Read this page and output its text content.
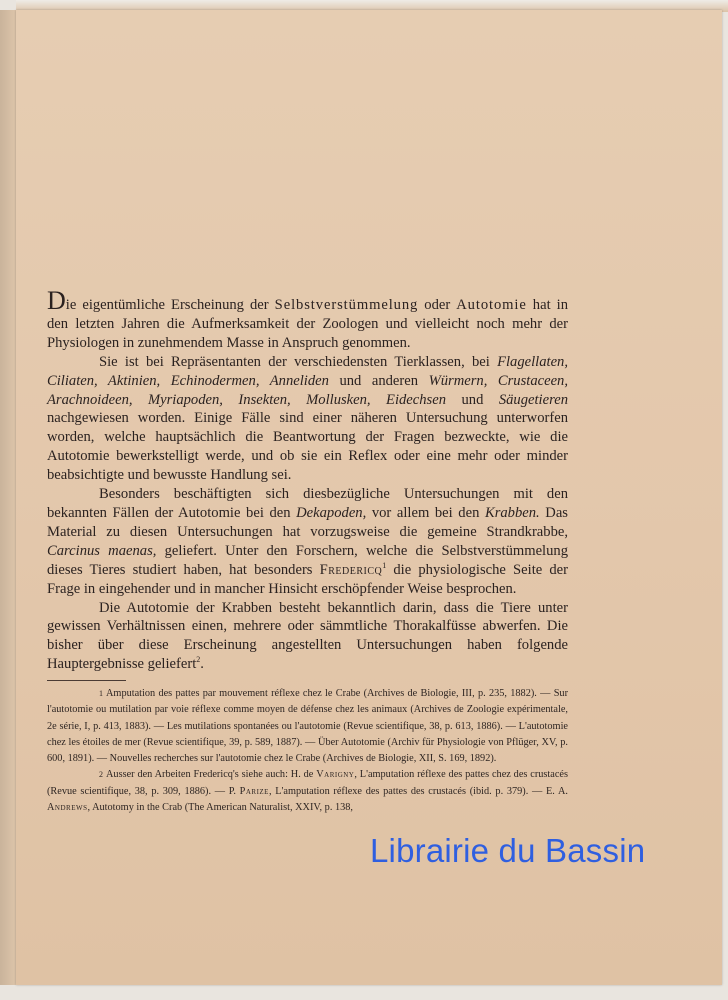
Die eigentümliche Erscheinung der Selbstverstümmelung oder Autotomie hat in den letzten Jahren die Aufmerksamkeit der Zoologen und vielleicht noch mehr der Physiologen in zunehmendem Masse in Anspruch genommen.

Sie ist bei Repräsentanten der verschiedensten Tierklassen, bei Flagellaten, Ciliaten, Aktinien, Echinodermen, Anneliden und anderen Würmern, Crustaceen, Arachnoideen, Myriapoden, Insekten, Mollusken, Eidechsen und Säugetieren nachgewiesen worden. Einige Fälle sind einer näheren Untersuchung unterworfen worden, welche hauptsächlich die Beantwortung der Fragen bezweckte, wie die Autotomie bewerkstelligt werde, und ob sie ein Reflex oder eine mehr oder minder beabsichtigte und bewusste Handlung sei.

Besonders beschäftigten sich diesbezügliche Untersuchungen mit den bekannten Fällen der Autotomie bei den Dekapoden, vor allem bei den Krabben. Das Material zu diesen Untersuchungen hat vorzugsweise die gemeine Strandkrabbe, Carcinus maenas, geliefert. Unter den Forschern, welche die Selbstverstümmelung dieses Tieres studiert haben, hat besonders Fredericq$^1$ die physiologische Seite der Frage in eingehender und in mancher Hinsicht erschöpfender Weise besprochen.

Die Autotomie der Krabben besteht bekanntlich darin, dass die Tiere unter gewissen Verhältnissen einen, mehrere oder sämmtliche Thorakalfüsse abwerfen. Die bisher über diese Erscheinung angestellten Untersuchungen haben folgende Hauptergebnisse geliefert$^2$.

$^1$ Amputation des pattes par mouvement réflexe chez le Crabe (Archives de Biologie, III, p. 235, 1882). — Sur l'autotomie ou mutilation par voie réflexe comme moyen de défense chez les animaux (Archives de Zoologie expérimentale, 2e série, I, p. 413, 1883). — Les mutilations spontanées ou l'autotomie (Revue scientifique, 38, p. 613, 1886). — L'autotomie chez les étoiles de mer (Revue scientifique, 39, p. 589, 1887). — Über Autotomie (Archiv für Physiologie von Pflüger, XV, p. 600, 1891). — Nouvelles recherches sur l'autotomie chez le Crabe (Archives de Biologie, XII, S. 169, 1892).

$^2$ Ausser den Arbeiten Fredericq's siehe auch: H. de Varigny, L'amputation réflexe des pattes chez des crustacés (Revue scientifique, 38, p. 309, 1886). — P. Parize, L'amputation réflexe des pattes des crustacés (ibid. p. 379). — E. A. Andrews, Autotomy in the Crab (The American Naturalist, XXIV, p. 138,

Librairie du Bassin
